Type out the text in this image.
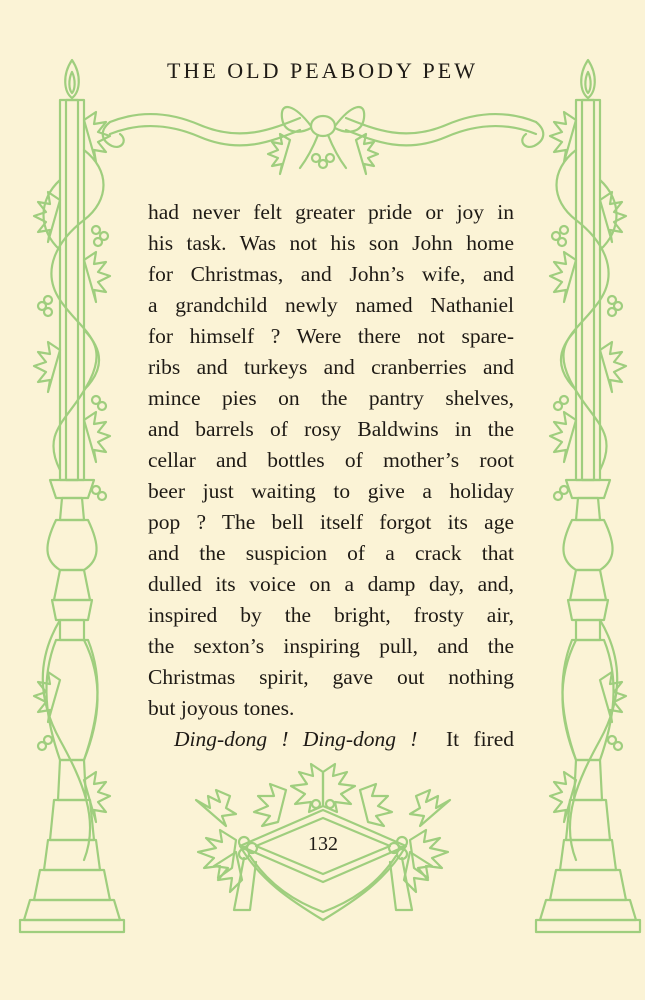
THE OLD PEABODY PEW
had never felt greater pride or joy in
his task. Was not his son John home
for Christmas, and John’s wife, and
a grandchild newly named Nathaniel
for himself ? Were there not spare-
ribs and turkeys and cranberries and
mince pies on the pantry shelves,
and barrels of rosy Baldwins in the
cellar and bottles of mother’s root
beer just waiting to give a holiday
pop ? The bell itself forgot its age
and the suspicion of a crack that
dulled its voice on a damp day, and,
inspired by the bright, frosty air,
the sexton’s inspiring pull, and the
Christmas spirit, gave out nothing
but joyous tones.
Ding-dong ! Ding-dong ! It fired
132
